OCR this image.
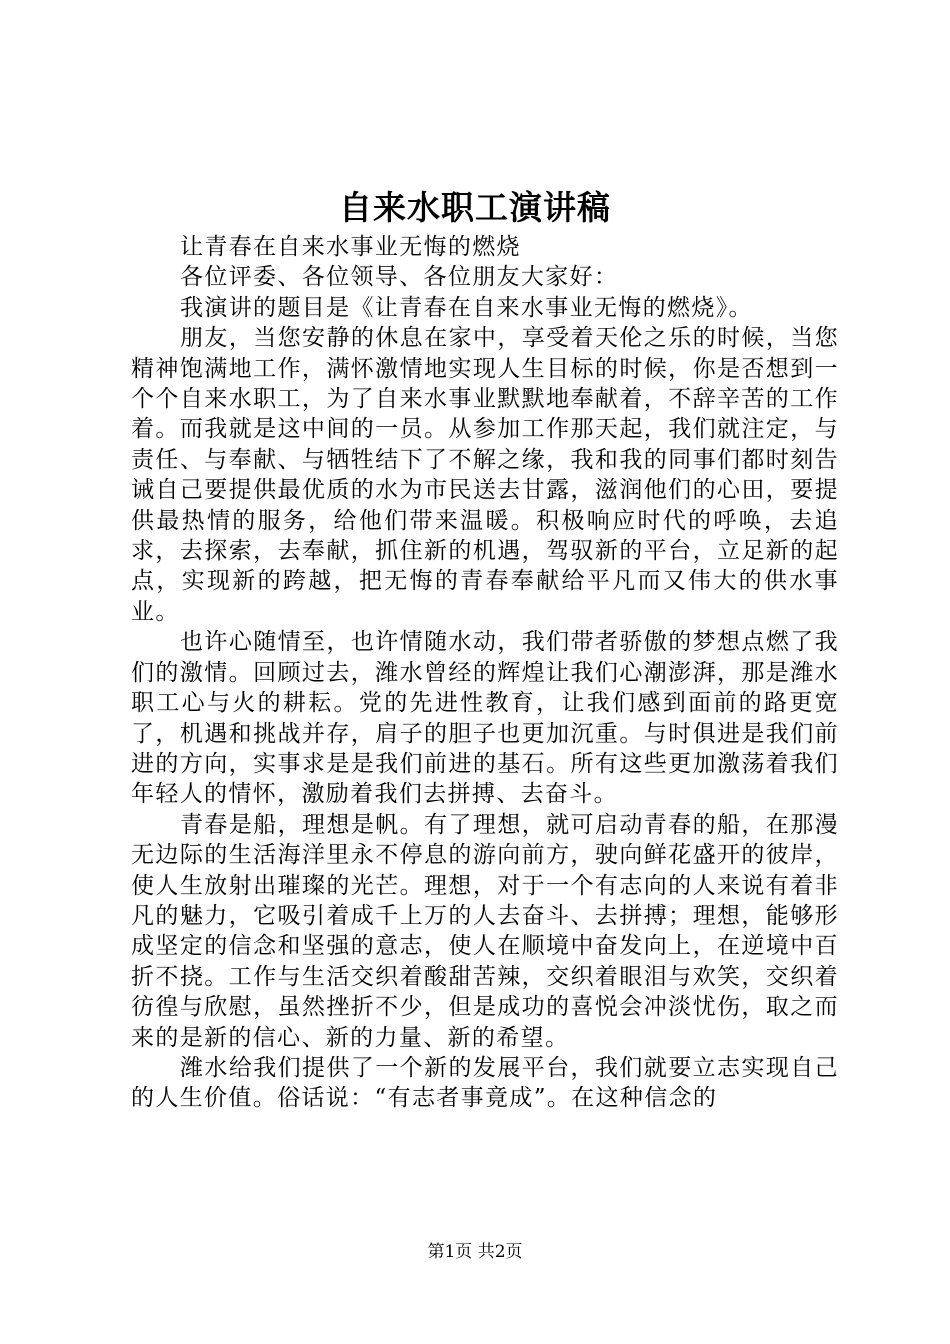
自来水职工演讲稿

让青春在自来水事业无悔的燃烧

各位评委、各位领导、各位朋友大家好：

我演讲的题目是《让青春在自来水事业无悔的燃烧》。

朋友，当您安静的休息在家中，享受着天伦之乐的时候，当您精神饱满地工作，满怀激情地实现人生目标的时候，你是否想到一个个自来水职工，为了自来水事业默默地奉献着，不辞辛苦的工作着。而我就是这中间的一员。从参加工作那天起，我们就注定，与责任、与奉献、与牺牲结下了不解之缘，我和我的同事们都时刻告诫自己要提供最优质的水为市民送去甘露，滋润他们的心田，要提供最热情的服务，给他们带来温暖。积极响应时代的呼唤，去追求，去探索，去奉献，抓住新的机遇，驾驭新的平台，立足新的起点，实现新的跨越，把无悔的青春奉献给平凡而又伟大的供水事业。

也许心随情至，也许情随水动，我们带者骄傲的梦想点燃了我们的激情。回顾过去，潍水曾经的辉煌让我们心潮澎湃，那是潍水职工心与火的耕耘。党的先进性教育，让我们感到面前的路更宽了，机遇和挑战并存，肩子的胆子也更加沉重。与时俱进是我们前进的方向，实事求是是我们前进的基石。所有这些更加激荡着我们年轻人的情怀，激励着我们去拼搏、去奋斗。

青春是船，理想是帆。有了理想，就可启动青春的船，在那漫无边际的生活海洋里永不停息的游向前方，驶向鲜花盛开的彼岸，使人生放射出璀璨的光芒。理想，对于一个有志向的人来说有着非凡的魅力，它吸引着成千上万的人去奋斗、去拼搏；理想，能够形成坚定的信念和坚强的意志，使人在顺境中奋发向上，在逆境中百折不挠。工作与生活交织着酸甜苦辣，交织着眼泪与欢笑，交织着彷徨与欣慰，虽然挫折不少，但是成功的喜悦会冲淡忧伤，取之而来的是新的信心、新的力量、新的希望。

潍水给我们提供了一个新的发展平台，我们就要立志实现自己的人生价值。俗话说：“有志者事竟成”。在这种信念的

第1页 共2页
